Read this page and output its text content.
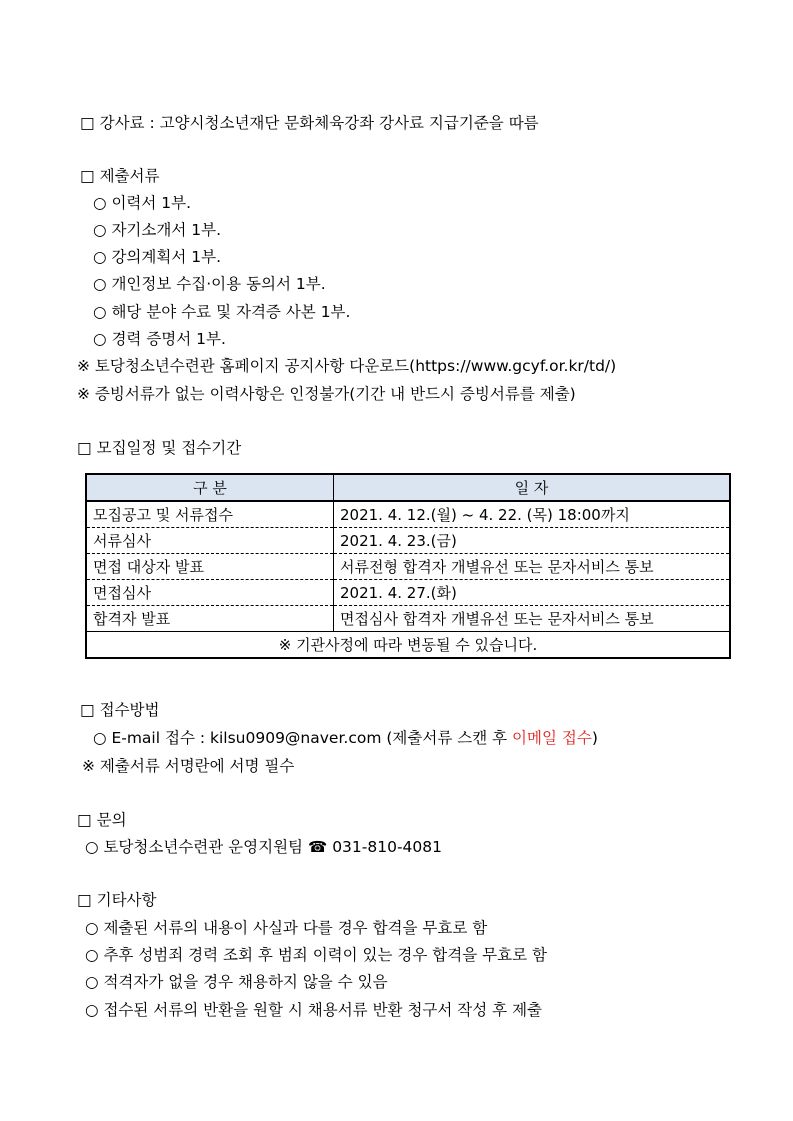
□ 강사료 : 고양시청소년재단 문화체육강좌 강사료 지급기준을 따름
□ 제출서류
○ 이력서 1부.
○ 자기소개서 1부.
○ 강의계획서 1부.
○ 개인정보 수집·이용 동의서 1부.
○ 해당 분야 수료 및 자격증 사본 1부.
○ 경력 증명서 1부.
※ 토당청소년수련관 홈페이지 공지사항 다운로드(https://www.gcyf.or.kr/td/)
※ 증빙서류가 없는 이력사항은 인정불가(기간 내 반드시 증빙서류를 제출)
□ 모집일정 및 접수기간
구 분	일 자
모집공고 및 서류접수	2021. 4. 12.(월) ~ 4. 22. (목) 18:00까지
서류심사	2021. 4. 23.(금)
면접 대상자 발표	서류전형 합격자 개별유선 또는 문자서비스 통보
면접심사	2021. 4. 27.(화)
합격자 발표	면접심사 합격자 개별유선 또는 문자서비스 통보
※ 기관사정에 따라 변동될 수 있습니다.	
□ 접수방법
○ E-mail 접수 : kilsu0909@naver.com (제출서류 스캔 후 이메일 접수)
※ 제출서류 서명란에 서명 필수
□ 문의
○ 토당청소년수련관 운영지원팀 ☎ 031-810-4081
□ 기타사항
○ 제출된 서류의 내용이 사실과 다를 경우 합격을 무효로 함
○ 추후 성범죄 경력 조회 후 범죄 이력이 있는 경우 합격을 무효로 함
○ 적격자가 없을 경우 채용하지 않을 수 있음
○ 접수된 서류의 반환을 원할 시 채용서류 반환 청구서 작성 후 제출
